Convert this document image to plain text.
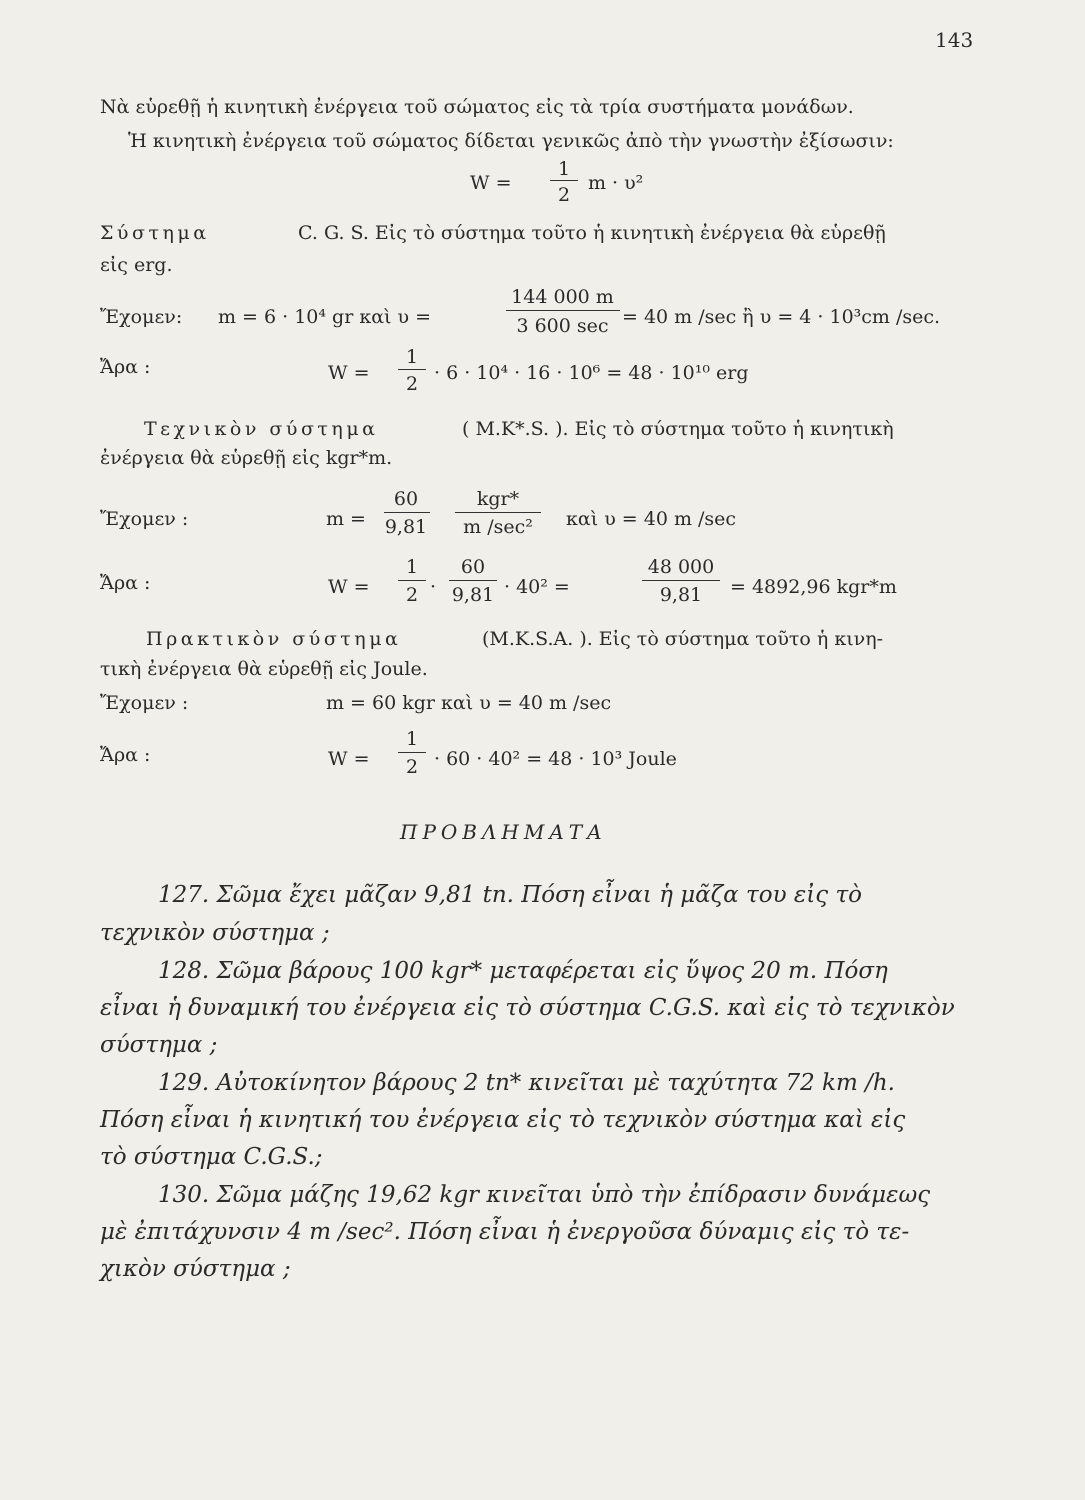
143
Νὰ εὑρεθῇ ἡ κινητικὴ ἐνέργεια τοῦ σώματος εἰς τὰ τρία συστήματα μονάδων.
Ἡ κινητικὴ ἐνέργεια τοῦ σώματος δίδεται γενικῶς ἀπὸ τὴν γνωστὴν ἐξίσωσιν:
W =
1
2
m · υ²
Σύστημα	C. G. S. Εἰς τὸ σύστημα τοῦτο ἡ κινητικὴ ἐνέργεια θὰ εὑρεθῇ
εἰς erg.
Ἔχομεν: m = 6 · 10⁴ gr καὶ υ =
144 000 m
3 600 sec = 40 m /sec ἢ υ = 4 · 10³cm /sec.
Ἄρα :	W =
1
2 · 6 · 10⁴ · 16 · 10⁶ = 48 · 10¹⁰ erg
Τεχνικὸν σύστημα	( M.K*.S. ). Εἰς τὸ σύστημα τοῦτο ἡ κινητικὴ
ἐνέργεια θὰ εὑρεθῇ εἰς kgr*m.
Ἔχομεν :	m =
60
9,81
kgr*
m /sec²	καὶ υ = 40 m /sec
Ἄρα :	W =
1
2 ·
60
9,81 · 40² =
48 000
9,81	= 4892,96 kgr*m
Πρακτικὸν σύστημα	(M.K.S.A. ). Εἰς τὸ σύστημα τοῦτο ἡ κινη-
τικὴ ἐνέργεια θὰ εὑρεθῇ εἰς Joule.
Ἔχομεν :	m = 60 kgr καὶ υ = 40 m /sec
Ἄρα :	W =
1
2 · 60 · 40² = 48 · 10³ Joule
ΠΡΟΒΛΗΜΑΤΑ
127. Σῶμα ἔχει μᾶζαν 9,81 tn. Πόση εἶναι ἡ μᾶζα του εἰς τὸ
τεχνικὸν σύστημα ;
128. Σῶμα βάρους 100 kgr* μεταφέρεται εἰς ὕψος 20 m. Πόση
εἶναι ἡ δυναμική του ἐνέργεια εἰς τὸ σύστημα C.G.S. καὶ εἰς τὸ τεχνικὸν
σύστημα ;
129. Αὐτοκίνητον βάρους 2 tn* κινεῖται μὲ ταχύτητα 72 km /h.
Πόση εἶναι ἡ κινητική του ἐνέργεια εἰς τὸ τεχνικὸν σύστημα καὶ εἰς
τὸ σύστημα C.G.S.;
130. Σῶμα μάζης 19,62 kgr κινεῖται ὑπὸ τὴν ἐπίδρασιν δυνάμεως
μὲ ἐπιτάχυνσιν 4 m /sec². Πόση εἶναι ἡ ἐνεργοῦσα δύναμις εἰς τὸ τε-
χικὸν σύστημα ;
